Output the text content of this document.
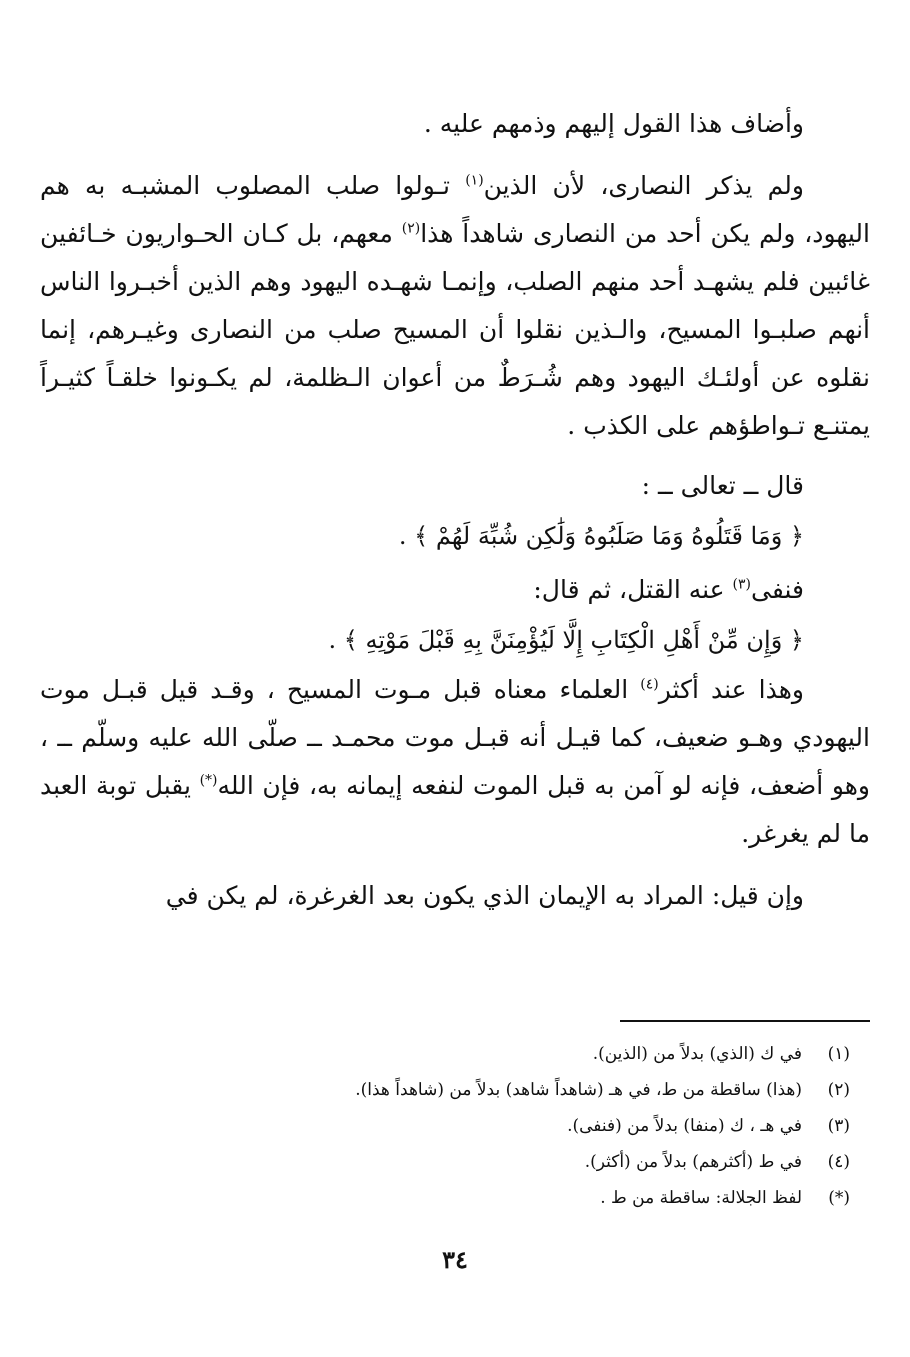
وأضاف هذا القول إليهم وذمهم عليه .

ولم يذكر النصارى، لأن الذين$^{(١)}$ تـولوا صلب المصلوب المشبـه به هم اليهود، ولم يكن أحد من النصارى شاهداً هذا$^{(٢)}$ معهم، بل كـان الحـواريون خـائفين غائبين فلم يشهـد أحد منهم الصلب، وإنمـا شهـده اليهود وهم الذين أخبـروا الناس أنهم صلبـوا المسيح، والـذين نقلوا أن المسيح صلب من النصارى وغيـرهم، إنما نقلوه عن أولئـك اليهود وهم شُـرَطٌ من أعوان الـظلمة، لم يكـونوا خلقـاً كثيـراً يمتنـع تـواطؤهم على الكذب .

قال ــ تعالى ــ :

﴿ وَمَا قَتَلُوهُ وَمَا صَلَبُوهُ وَلَٰكِن شُبِّهَ لَهُمْ ﴾ .

فنفى$^{(٣)}$ عنه القتل، ثم قال:

﴿ وَإِن مِّنْ أَهْلِ الْكِتَابِ إِلَّا لَيُؤْمِنَنَّ بِهِ قَبْلَ مَوْتِهِ ﴾ .

وهذا عند أكثر$^{(٤)}$ العلماء معناه قبل مـوت المسيح ، وقـد قيل قبـل موت اليهودي وهـو ضعيف، كما قيـل أنه قبـل موت محمـد ــ صلّى الله عليه وسلّم ــ ، وهو أضعف، فإنه لو آمن به قبل الموت لنفعه إيمانه به، فإن الله(*) يقبل توبة العبد ما لم يغرغر.

وإن قيل: المراد به الإيمان الذي يكون بعد الغرغرة، لم يكن في

(١)
في ك (الذي) بدلاً من (الذين).
(٢)
(هذا) ساقطة من ط، في هـ (شاهداً شاهد) بدلاً من (شاهداً هذا).
(٣)
في هـ ، ك (منفا) بدلاً من (فنفى).
(٤)
في ط (أكثرهم) بدلاً من (أكثر).
(*)
لفظ الجلالة: ساقطة من ط .
٣٤
